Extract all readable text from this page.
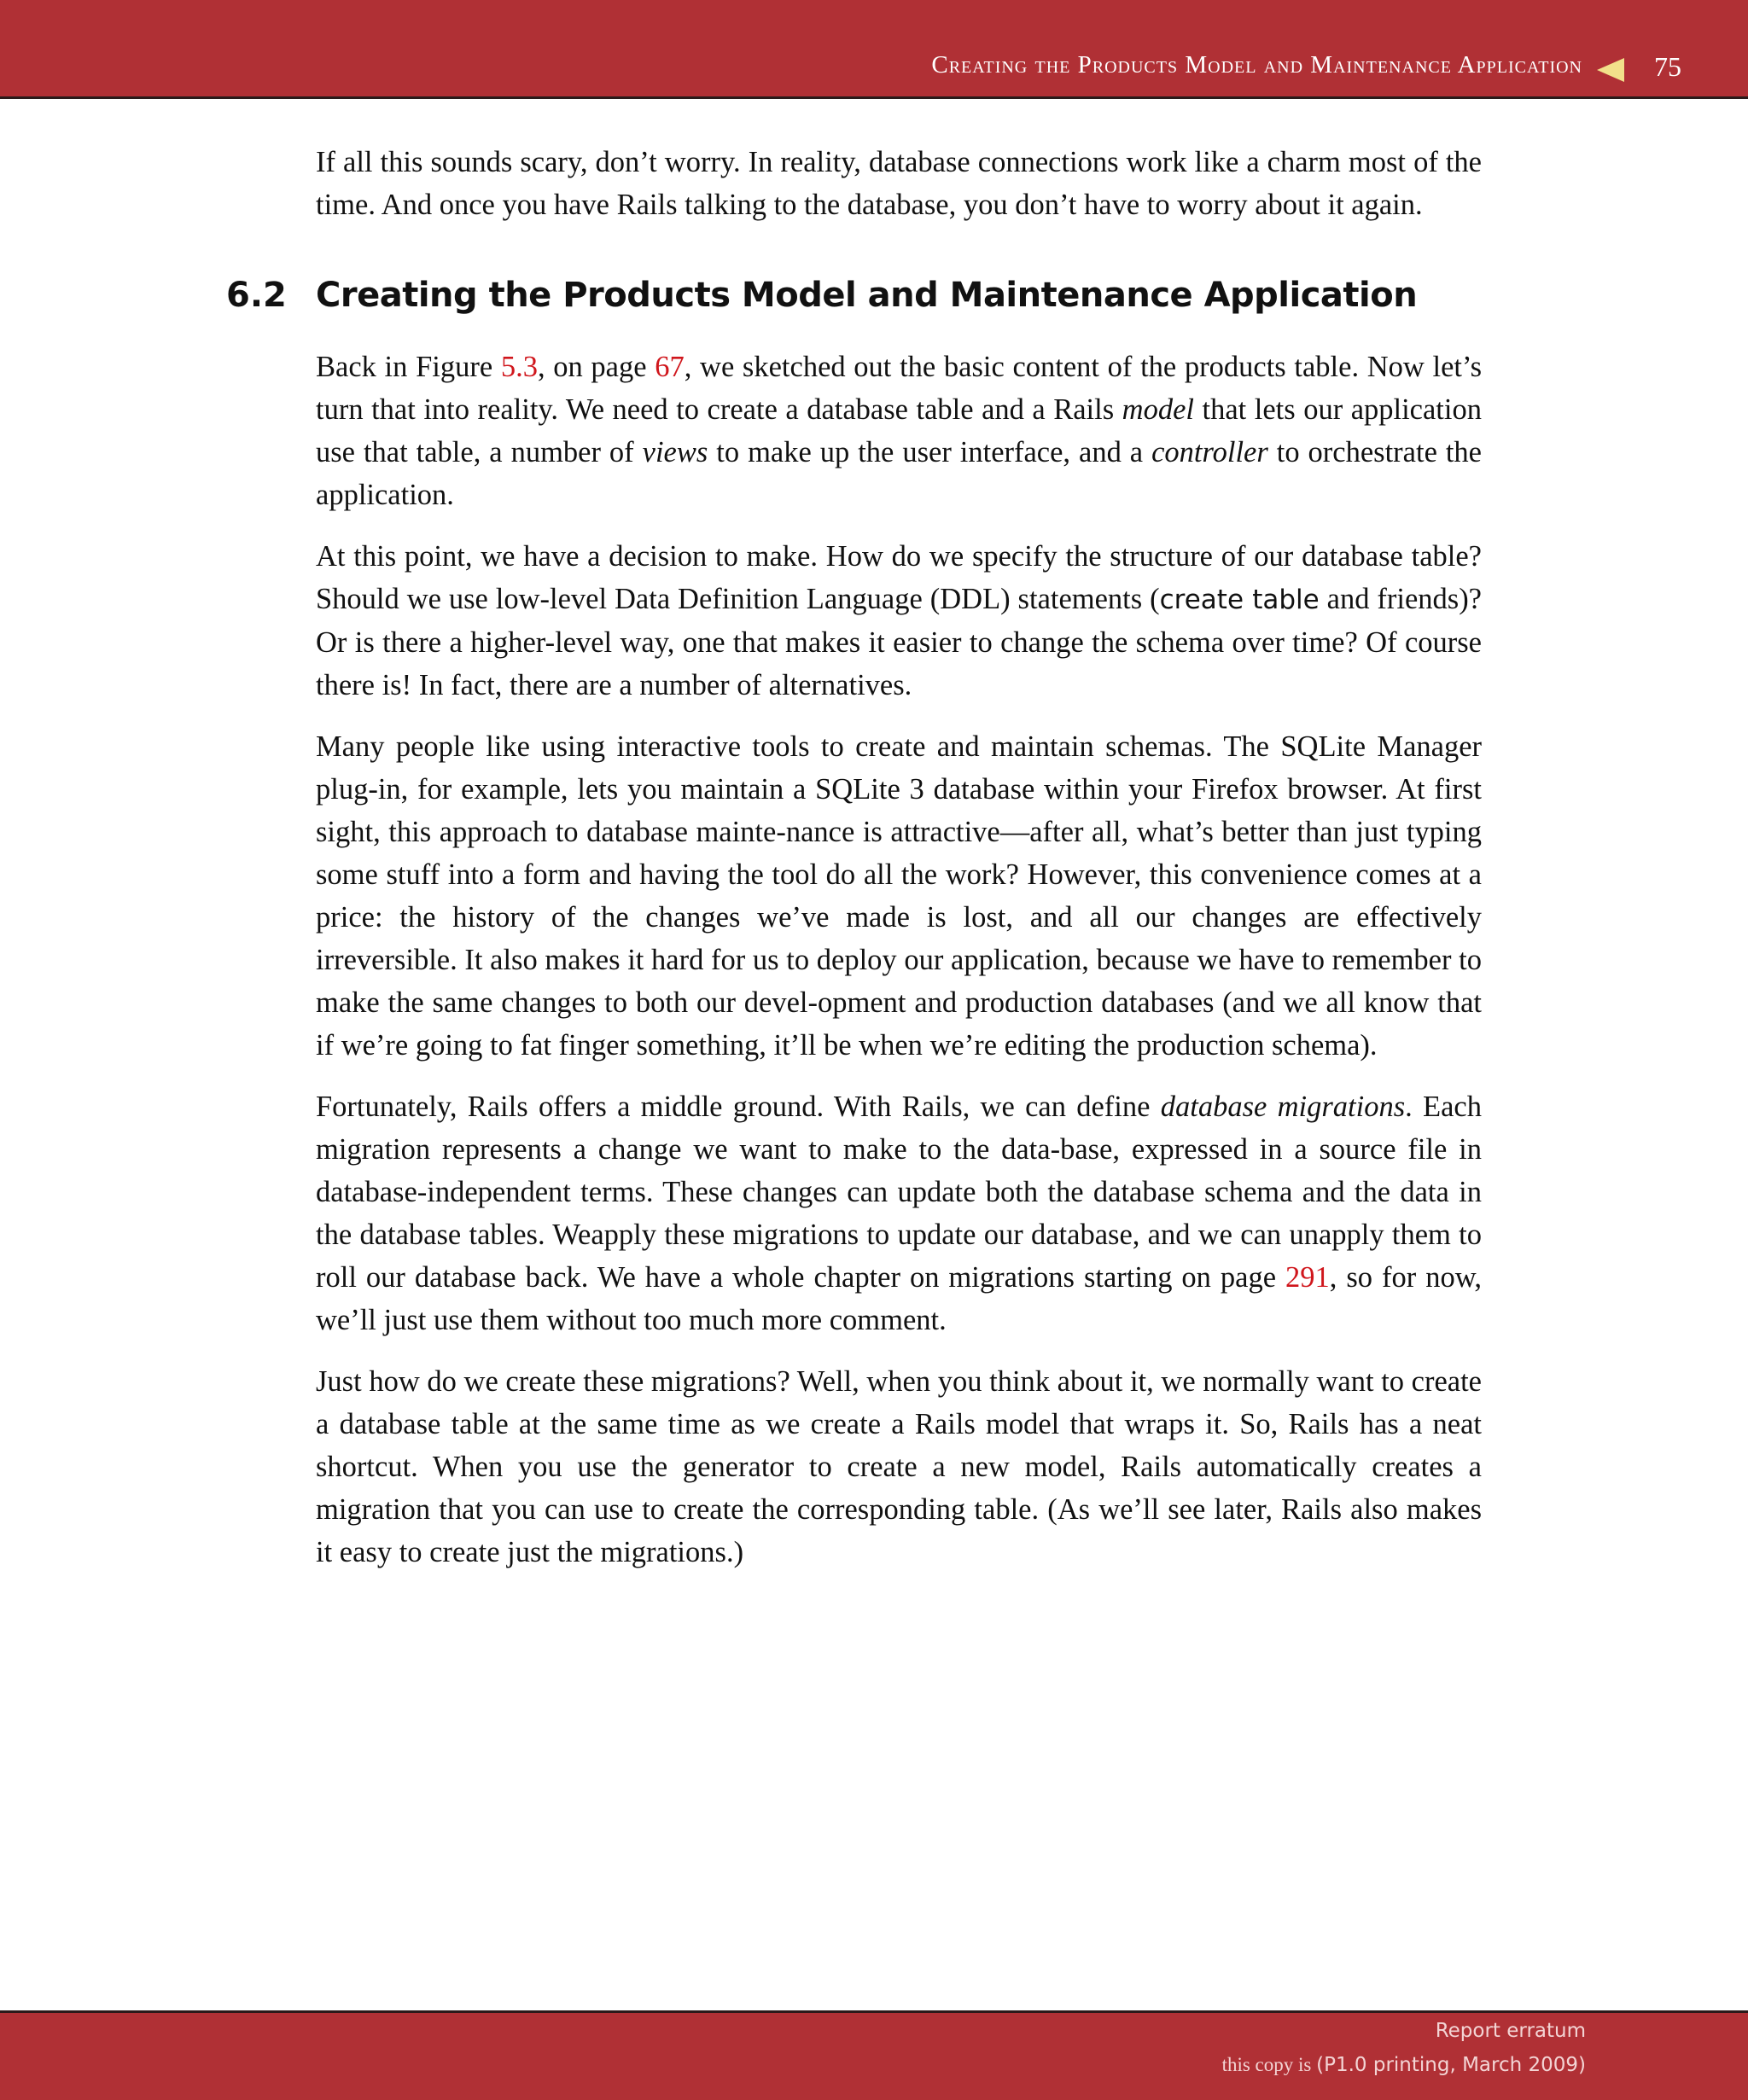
Creating the Products Model and Maintenance Application	75

If all this sounds scary, don’t worry. In reality, database connections work like a charm most of the time. And once you have Rails talking to the database, you don’t have to worry about it again.

6.2 Creating the Products Model and Maintenance Application

Back in Figure 5.3, on page 67, we sketched out the basic content of the products table. Now let’s turn that into reality. We need to create a database table and a Rails model that lets our application use that table, a number of views to make up the user interface, and a controller to orchestrate the application.

At this point, we have a decision to make. How do we specify the structure of our database table? Should we use low-level Data Definition Language (DDL) statements (create table and friends)? Or is there a higher-level way, one that makes it easier to change the schema over time? Of course there is! In fact, there are a number of alternatives.

Many people like using interactive tools to create and maintain schemas. The SQLite Manager plug-in, for example, lets you maintain a SQLite 3 database within your Firefox browser. At first sight, this approach to database mainte-nance is attractive—after all, what’s better than just typing some stuff into a form and having the tool do all the work? However, this convenience comes at a price: the history of the changes we’ve made is lost, and all our changes are effectively irreversible. It also makes it hard for us to deploy our application, because we have to remember to make the same changes to both our devel-opment and production databases (and we all know that if we’re going to fat finger something, it’ll be when we’re editing the production schema).

Fortunately, Rails offers a middle ground. With Rails, we can define database migrations. Each migration represents a change we want to make to the data-base, expressed in a source file in database-independent terms. These changes can update both the database schema and the data in the database tables. Weapply these migrations to update our database, and we can unapply them to roll our database back. We have a whole chapter on migrations starting on page 291, so for now, we’ll just use them without too much more comment.

Just how do we create these migrations? Well, when you think about it, we normally want to create a database table at the same time as we create a Rails model that wraps it. So, Rails has a neat shortcut. When you use the generator to create a new model, Rails automatically creates a migration that you can use to create the corresponding table. (As we’ll see later, Rails also makes it easy to create just the migrations.)

Report erratum
this copy is (P1.0 printing, March 2009)
